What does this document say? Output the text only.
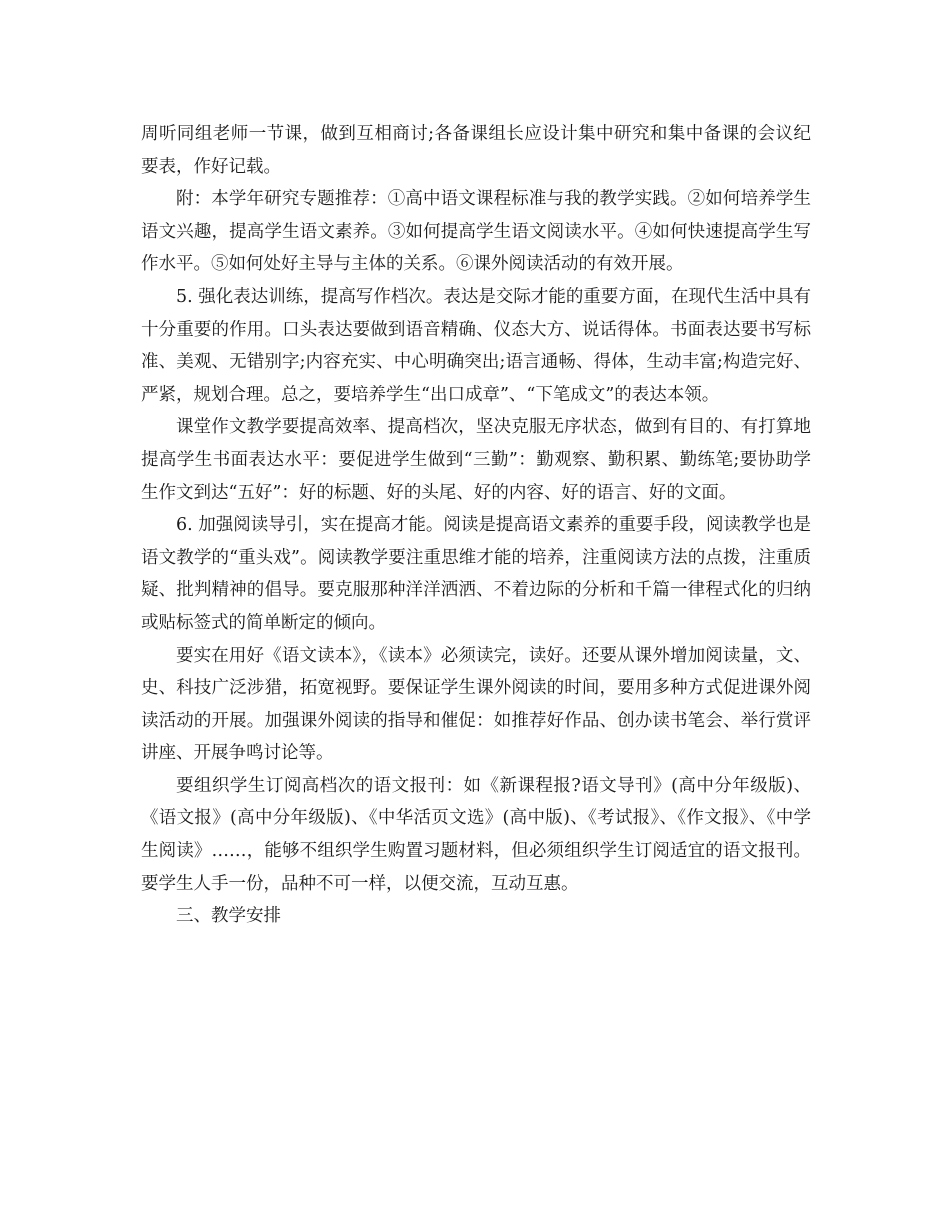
周听同组老师一节课，做到互相商讨;各备课组长应设计集中研究和集中备课的会议纪要表，作好记载。

附：本学年研究专题推荐：①高中语文课程标准与我的教学实践。②如何培养学生语文兴趣，提高学生语文素养。③如何提高学生语文阅读水平。④如何快速提高学生写作水平。⑤如何处好主导与主体的关系。⑥课外阅读活动的有效开展。

5. 强化表达训练，提高写作档次。表达是交际才能的重要方面，在现代生活中具有十分重要的作用。口头表达要做到语音精确、仪态大方、说话得体。书面表达要书写标准、美观、无错别字;内容充实、中心明确突出;语言通畅、得体，生动丰富;构造完好、严紧，规划合理。总之，要培养学生“出口成章”、“下笔成文”的表达本领。

课堂作文教学要提高效率、提高档次，坚决克服无序状态，做到有目的、有打算地提高学生书面表达水平：要促进学生做到“三勤”：勤观察、勤积累、勤练笔;要协助学生作文到达“五好”：好的标题、好的头尾、好的内容、好的语言、好的文面。

6. 加强阅读导引，实在提高才能。阅读是提高语文素养的重要手段，阅读教学也是语文教学的“重头戏”。阅读教学要注重思维才能的培养，注重阅读方法的点拨，注重质疑、批判精神的倡导。要克服那种洋洋洒洒、不着边际的分析和千篇一律程式化的归纳或贴标签式的简单断定的倾向。

要实在用好《语文读本》，《读本》必须读完，读好。还要从课外增加阅读量，文、史、科技广泛涉猎，拓宽视野。要保证学生课外阅读的时间，要用多种方式促进课外阅读活动的开展。加强课外阅读的指导和催促：如推荐好作品、创办读书笔会、举行赏评讲座、开展争鸣讨论等。

要组织学生订阅高档次的语文报刊：如《新课程报?语文导刊》(高中分年级版)、《语文报》(高中分年级版)、《中华活页文选》(高中版)、《考试报》、《作文报》、《中学生阅读》……，能够不组织学生购置习题材料，但必须组织学生订阅适宜的语文报刊。要学生人手一份，品种不可一样，以便交流，互动互惠。

三、教学安排
